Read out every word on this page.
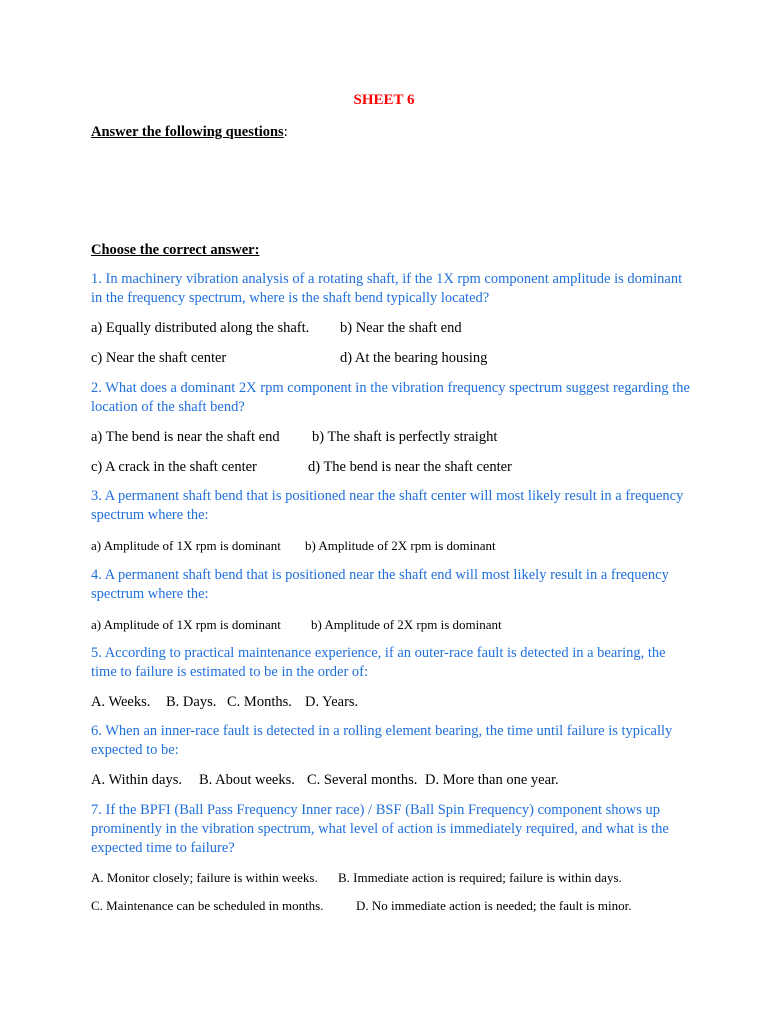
SHEET 6
Answer the following questions:
Choose the correct answer:
1. In machinery vibration analysis of a rotating shaft, if the 1X rpm component amplitude is dominant in the frequency spectrum, where is the shaft bend typically located?
a) Equally distributed along the shaft. b) Near the shaft end
c) Near the shaft center	d) At the bearing housing
2. What does a dominant 2X rpm component in the vibration frequency spectrum suggest regarding the location of the shaft bend?
a) The bend is near the shaft end b) The shaft is perfectly straight
c) A crack in the shaft center	d) The bend is near the shaft center
3. A permanent shaft bend that is positioned near the shaft center will most likely result in a frequency spectrum where the:
a) Amplitude of 1X rpm is dominant b) Amplitude of 2X rpm is dominant
4. A permanent shaft bend that is positioned near the shaft end will most likely result in a frequency spectrum where the:
a) Amplitude of 1X rpm is dominant b) Amplitude of 2X rpm is dominant
5. According to practical maintenance experience, if an outer-race fault is detected in a bearing, the time to failure is estimated to be in the order of:
A. Weeks. B. Days. C. Months. D. Years.
6. When an inner-race fault is detected in a rolling element bearing, the time until failure is typically expected to be:
A. Within days. B. About weeks. C. Several months. D. More than one year.
7. If the BPFI (Ball Pass Frequency Inner race) / BSF (Ball Spin Frequency) component shows up prominently in the vibration spectrum, what level of action is immediately required, and what is the expected time to failure?
A. Monitor closely; failure is within weeks. B. Immediate action is required; failure is within days.
C. Maintenance can be scheduled in months.	D. No immediate action is needed; the fault is minor.
